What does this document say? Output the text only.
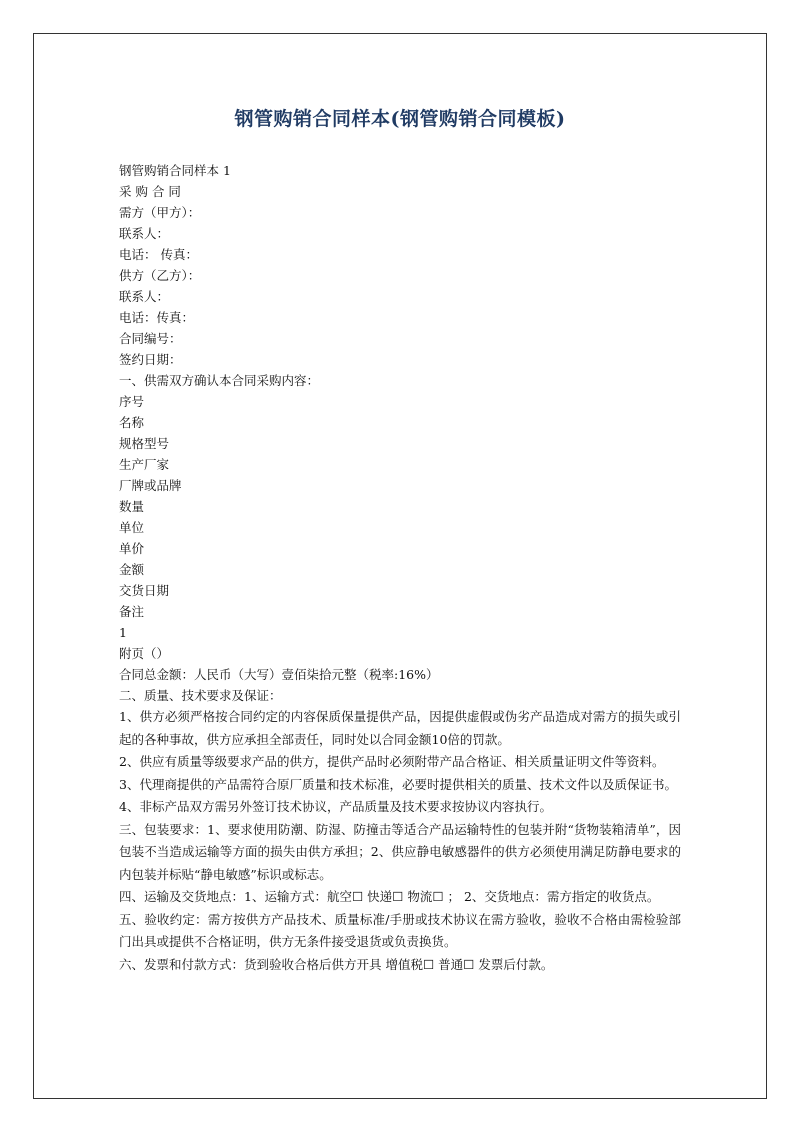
钢管购销合同样本(钢管购销合同模板)

钢管购销合同样本 1

采 购 合 同

需方（甲方）：

联系人：

电话： 传真：

供方（乙方）：

联系人：

电话：传真：

合同编号：

签约日期：

一、供需双方确认本合同采购内容：

序号

名称

规格型号

生产厂家

厂牌或品牌

数量

单位

单价

金额

交货日期

备注

1

附页（）

合同总金额：人民币（大写）壹佰柒拾元整（税率:16%）

二、质量、技术要求及保证：

1、供方必须严格按合同约定的内容保质保量提供产品，因提供虚假或伪劣产品造成对需方的损失或引起的各种事故，供方应承担全部责任，同时处以合同金额10倍的罚款。

2、供应有质量等级要求产品的供方，提供产品时必须附带产品合格证、相关质量证明文件等资料。

3、代理商提供的产品需符合原厂质量和技术标准，必要时提供相关的质量、技术文件以及质保证书。

4、非标产品双方需另外签订技术协议，产品质量及技术要求按协议内容执行。

三、包装要求：1、要求使用防潮、防湿、防撞击等适合产品运输特性的包装并附“货物装箱清单”，因包装不当造成运输等方面的损失由供方承担；2、供应静电敏感器件的供方必须使用满足防静电要求的内包装并标贴“静电敏感”标识或标志。

四、运输及交货地点：1、运输方式：航空☐ 快递☐ 物流☐ ； 2、交货地点：需方指定的收货点。

五、验收约定：需方按供方产品技术、质量标准/手册或技术协议在需方验收，验收不合格由需检验部门出具或提供不合格证明，供方无条件接受退货或负责换货。

六、发票和付款方式：货到验收合格后供方开具 增值税☐ 普通☐ 发票后付款。
